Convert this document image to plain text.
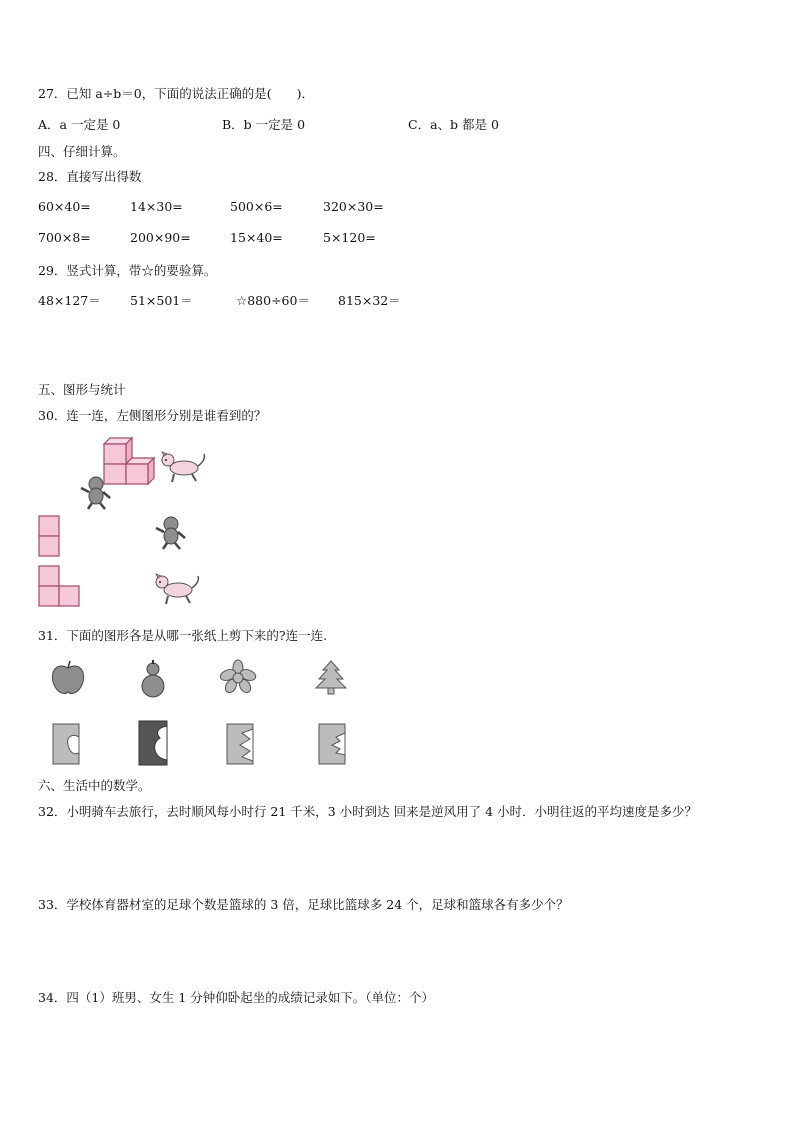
27．已知 a÷b＝0，下面的说法正确的是(　　)．
A．a 一定是 0	B．b 一定是 0	C．a、b 都是 0
四、仔细计算。
28．直接写出得数
60×40=	14×30=	500×6=	320×30=
700×8=	200×90=	15×40=	5×120=
29．竖式计算，带☆的要验算。
48×127＝ 51×501＝	☆880÷60＝ 815×32＝
五、图形与统计
30．连一连，左侧图形分别是谁看到的？
31．下面的图形各是从哪一张纸上剪下来的?连一连.
六、生活中的数学。
32．小明骑车去旅行，去时顺风每小时行 21 千米，3 小时到达 回来是逆风用了 4 小时．小明往返的平均速度是多少？
33．学校体育器材室的足球个数是篮球的 3 倍，足球比篮球多 24 个，足球和篮球各有多少个？
34．四（1）班男、女生 1 分钟仰卧起坐的成绩记录如下。（单位：个）
